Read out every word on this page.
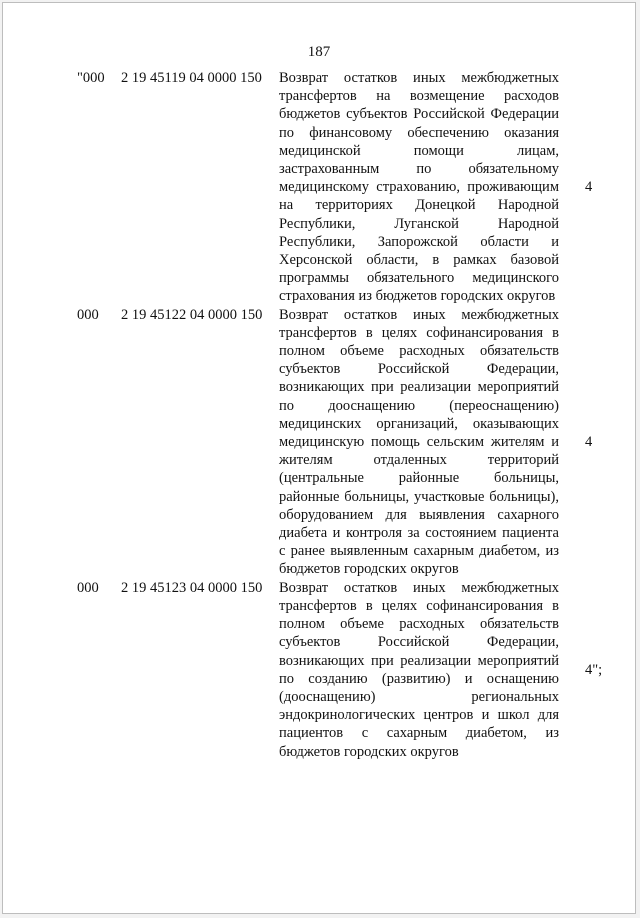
187
"000 2 19 45119 04 0000 150 Возврат остатков иных межбюджетных трансфертов на возмещение расходов бюджетов субъектов Российской Федерации по финансовому обеспечению оказания медицинской помощи лицам, застрахованным по обязательному медицинскому страхованию, проживающим на территориях Донецкой Народной Республики, Луганской Народной Республики, Запорожской области и Херсонской области, в рамках базовой программы обязательного медицинского страхования из бюджетов городских округов
4
000 2 19 45122 04 0000 150 Возврат остатков иных межбюджетных трансфертов в целях софинансирования в полном объеме расходных обязательств субъектов Российской Федерации, возникающих при реализации мероприятий по дооснащению (переоснащению) медицинских организаций, оказывающих медицинскую помощь сельским жителям и жителям отдаленных территорий (центральные районные больницы, районные больницы, участковые больницы), оборудованием для выявления сахарного диабета и контроля за состоянием пациента с ранее выявленным сахарным диабетом, из бюджетов городских округов
4
000 2 19 45123 04 0000 150 Возврат остатков иных межбюджетных трансфертов в целях софинансирования в полном объеме расходных обязательств субъектов Российской Федерации, возникающих при реализации мероприятий по созданию (развитию) и оснащению (дооснащению) региональных эндокринологических центров и школ для пациентов с сахарным диабетом, из бюджетов городских округов
4";
